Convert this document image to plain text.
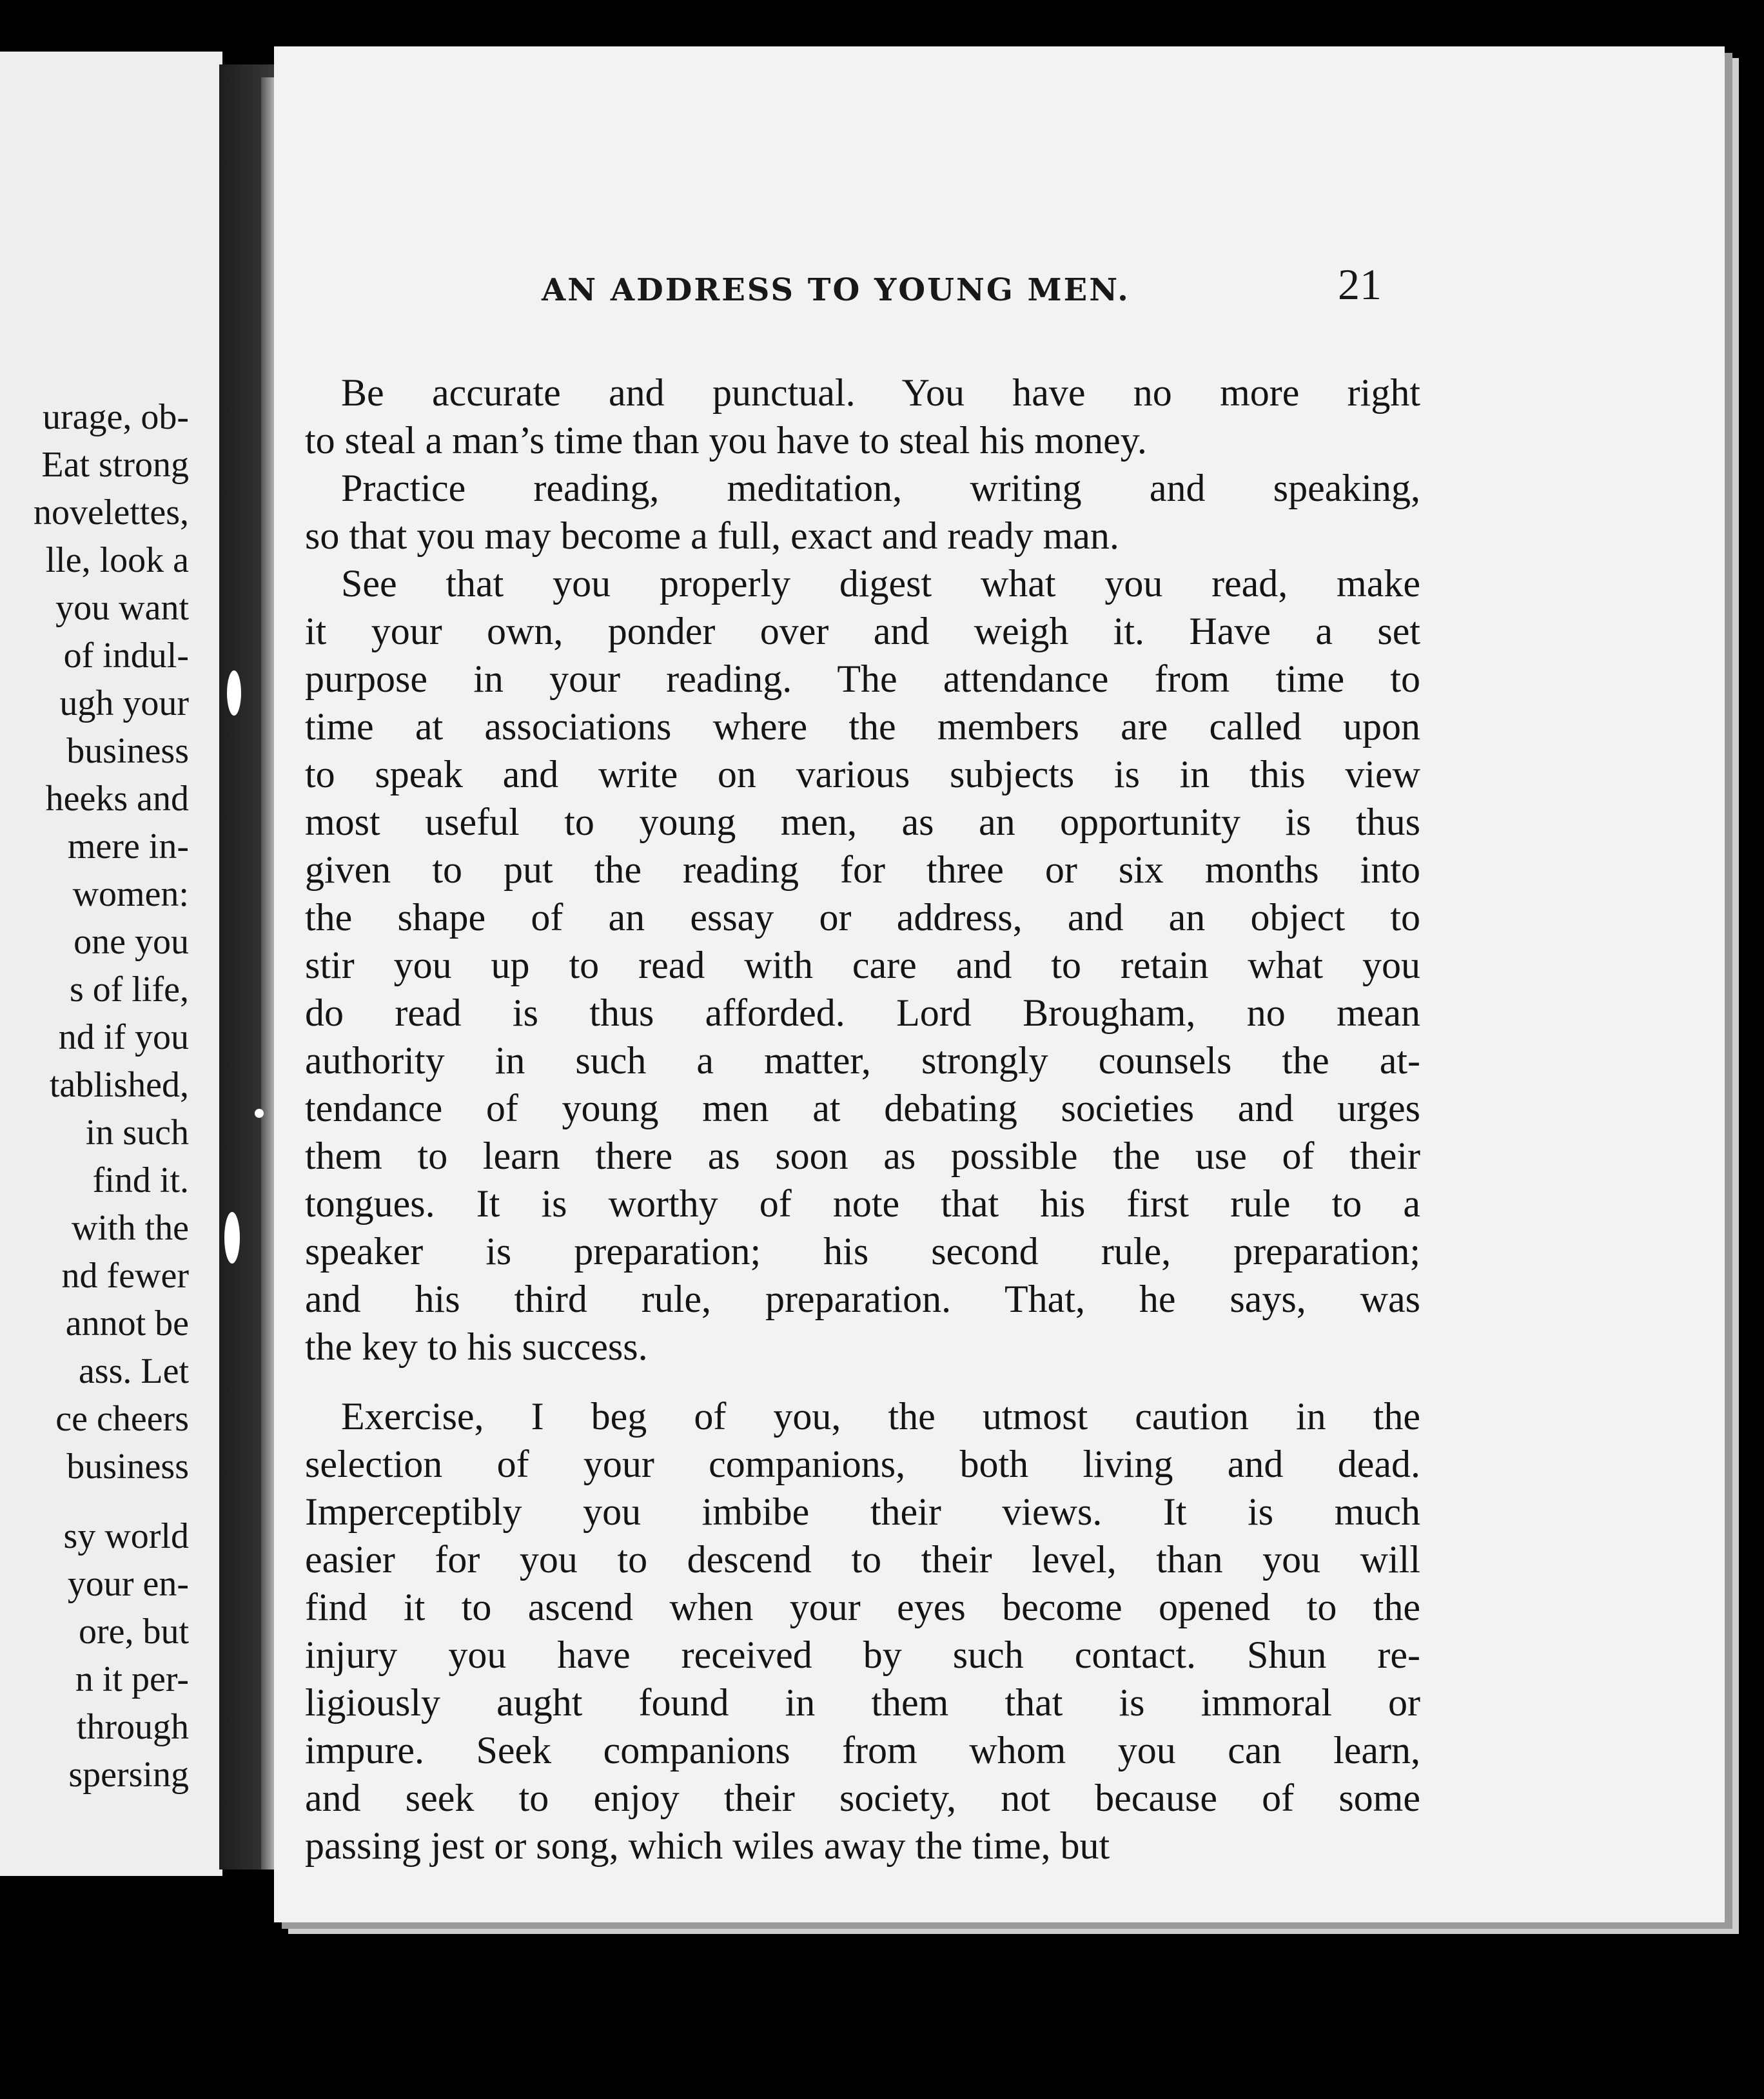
urage, ob-
Eat strong
novelettes,
lle, look a
you want
of indul-
ugh your
business
heeks and
mere in-
women:
one you
s of life,
nd if you
tablished,
in such
find it.
with the
nd fewer
annot be
ass. Let
ce cheers
business
sy world
your en-
ore, but
n it per-
through
spersing
AN ADDRESS TO YOUNG MEN.	21
Be accurate and punctual. You have no more right
to steal a man’s time than you have to steal his money.
Practice reading, meditation, writing and speaking,
so that you may become a full, exact and ready man.
See that you properly digest what you read, make
it your own, ponder over and weigh it. Have a set
purpose in your reading. The attendance from time to
time at associations where the members are called upon
to speak and write on various subjects is in this view
most useful to young men, as an opportunity is thus
given to put the reading for three or six months into
the shape of an essay or address, and an object to
stir you up to read with care and to retain what you
do read is thus afforded. Lord Brougham, no mean
authority in such a matter, strongly counsels the at-
tendance of young men at debating societies and urges
them to learn there as soon as possible the use of their
tongues. It is worthy of note that his first rule to a
speaker is preparation; his second rule, preparation;
and his third rule, preparation. That, he says, was
the key to his success.
Exercise, I beg of you, the utmost caution in the
selection of your companions, both living and dead.
Imperceptibly you imbibe their views. It is much
easier for you to descend to their level, than you will
find it to ascend when your eyes become opened to the
injury you have received by such contact. Shun re-
ligiously aught found in them that is immoral or
impure. Seek companions from whom you can learn,
and seek to enjoy their society, not because of some
passing jest or song, which wiles away the time, but
